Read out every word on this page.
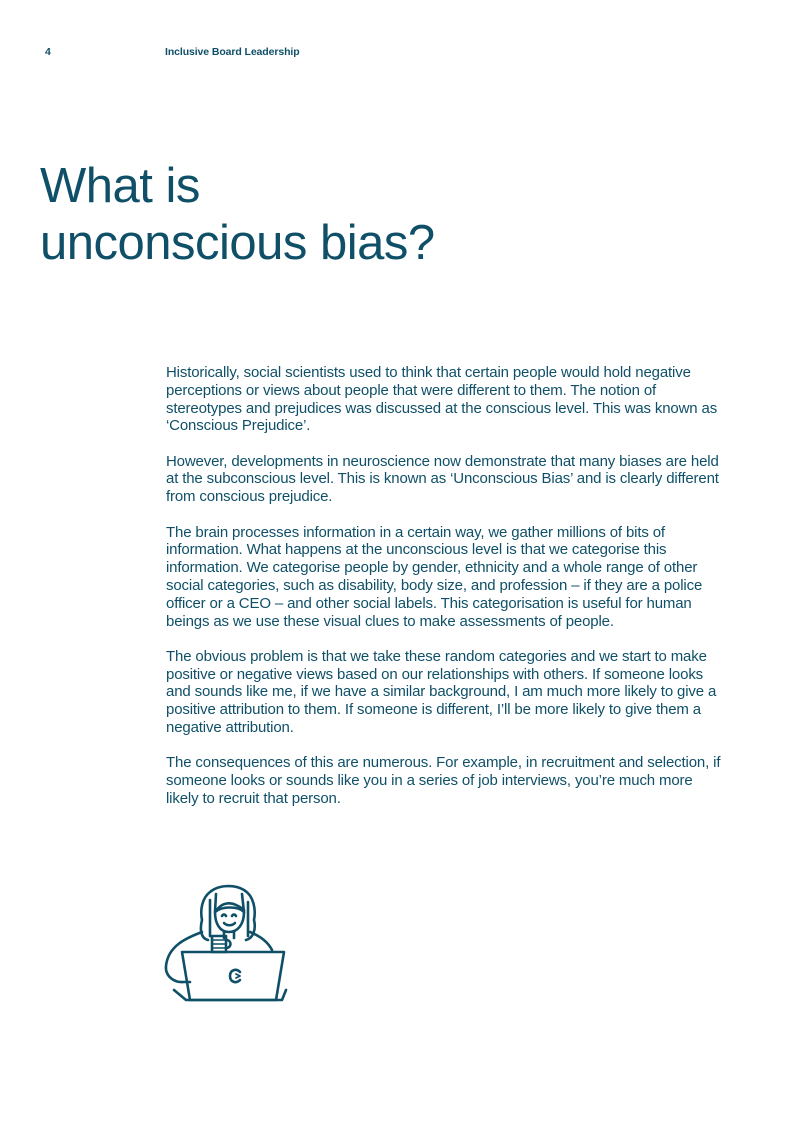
4	Inclusive Board Leadership
What is
unconscious bias?

Historically, social scientists used to think that certain people would hold negative perceptions or views about people that were different to them. The notion of stereotypes and prejudices was discussed at the conscious level. This was known as ‘Conscious Prejudice’.

However, developments in neuroscience now demonstrate that many biases are held at the subconscious level. This is known as ‘Unconscious Bias’ and is clearly different from conscious prejudice.

The brain processes information in a certain way, we gather millions of bits of information. What happens at the unconscious level is that we categorise this information. We categorise people by gender, ethnicity and a whole range of other social categories, such as disability, body size, and profession – if they are a police officer or a CEO – and other social labels. This categorisation is useful for human beings as we use these visual clues to make assessments of people.

The obvious problem is that we take these random categories and we start to make positive or negative views based on our relationships with others. If someone looks and sounds like me, if we have a similar background, I am much more likely to give a positive attribution to them. If someone is different, I’ll be more likely to give them a negative attribution.

The consequences of this are numerous. For example, in recruitment and selection, if someone looks or sounds like you in a series of job interviews, you’re much more likely to recruit that person.
